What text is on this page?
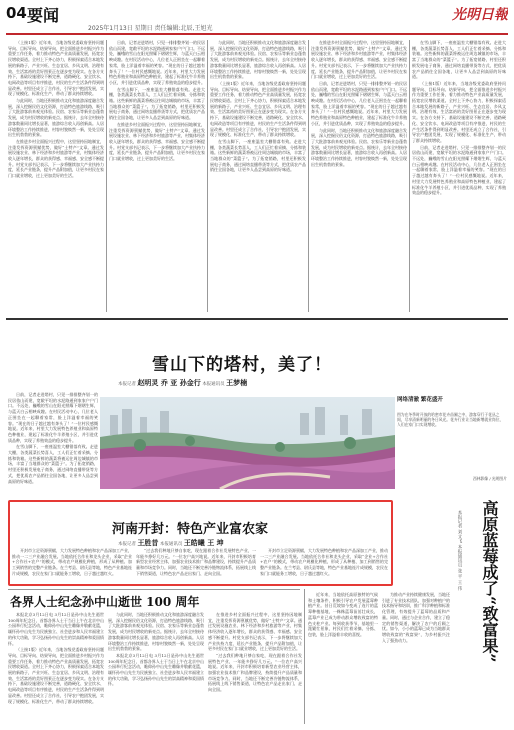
04 要闻
2025年1月13日 星期日 责任编辑:北辰,王旭光
光明日報

（上接1版）近年来，当地各级党委政府坚持问题导向、目标导向、结果导向，把全面推进乡村振兴作为重要工作任务，着力推动特色产业高质量发展，拓宽农民增收渠道。全村上下齐心协力，积极探索适合本地发展的新路子，产业兴旺、生态宜居、乡风文明、治理有效、生活富裕的美好图景正在逐步变为现实。在各方支持下，基础设施建设不断完善，道路硬化、安全饮水、电网改造等项目有序推进，村民的生产生活条件得到明显改善。村里还成立了合作社，引导农户抱团发展，实现了规模化、标准化生产，带动了群众持续增收。

与此同时，当地还积极推动文化和旅游深度融合发展，深入挖掘民俗文化资源，打造特色旅游线路，吸引了大批游客前来观光体验。民宿、农家乐等新业态蓬勃发展，成为村民增收的新亮点。据统计，去年全村接待游客数量同比增长显著，旅游综合收入再创新高。人居环境整治工作持续推进，村容村貌焕然一新，处处呈现出生机勃勃的景象。

在推进乡村全面振兴过程中，这里坚持因地制宜，注重发挥资源禀赋优势，做好“土特产”文章。通过发展设施农业、林下经济和乡村旅游等产业，村集体经济收入逐年增长，群众的获得感、幸福感、安全感不断提升。村党支部书记表示，下一步将继续加大产业扶持力度，延长产业链条，提升产品附加值，让更多村民在家门口就业增收，过上更加美好的生活。

日前，记者走进塔村，只见一排排整齐划一的民居依山而建，宽敞平坦的水泥路通到家家户户门口。不远处，巍峨的雪山在阳光照耀下熠熠生辉，与蓝天白云相映成趣。在村民活动中心，几位老人正围坐在一起聊着家常，脸上洋溢着幸福的笑容。“现在的日子越过越有奔头了！”一位村民感慨地说。近年来，村里大力发展特色养殖业和高原特色种植业，建起了标准化牛羊养殖小区，并引进优质品种，实现了养殖效益的稳步提升。

在雪山脚下，一座座温室大棚错落有致。走进大棚，各类蔬菜长势喜人，工人们正忙着采摘、分拣和装箱。这些新鲜的蔬菜将被运往周边城镇的市场，丰富了当地群众的“菜篮子”。为了拓宽销路，村里还积极发展电子商务，通过网络直播带货等方式，把优质农产品销往全国各地，让更多人品尝到高原的好味道。

在推进乡村全面振兴过程中，这里坚持因地制宜，注重发挥资源禀赋优势，做好“土特产”文章。通过发展设施农业、林下经济和乡村旅游等产业，村集体经济收入逐年增长，群众的获得感、幸福感、安全感不断提升。村党支部书记表示，下一步将继续加大产业扶持力度，延长产业链条，提升产品附加值，让更多村民在家门口就业增收，过上更加美好的生活。

与此同时，当地还积极推动文化和旅游深度融合发展，深入挖掘民俗文化资源，打造特色旅游线路，吸引了大批游客前来观光体验。民宿、农家乐等新业态蓬勃发展，成为村民增收的新亮点。据统计，去年全村接待游客数量同比增长显著，旅游综合收入再创新高。人居环境整治工作持续推进，村容村貌焕然一新，处处呈现出生机勃勃的景象。

（上接1版）近年来，当地各级党委政府坚持问题导向、目标导向、结果导向，把全面推进乡村振兴作为重要工作任务，着力推动特色产业高质量发展，拓宽农民增收渠道。全村上下齐心协力，积极探索适合本地发展的新路子，产业兴旺、生态宜居、乡风文明、治理有效、生活富裕的美好图景正在逐步变为现实。在各方支持下，基础设施建设不断完善，道路硬化、安全饮水、电网改造等项目有序推进，村民的生产生活条件得到明显改善。村里还成立了合作社，引导农户抱团发展，实现了规模化、标准化生产，带动了群众持续增收。

在雪山脚下，一座座温室大棚错落有致。走进大棚，各类蔬菜长势喜人，工人们正忙着采摘、分拣和装箱。这些新鲜的蔬菜将被运往周边城镇的市场，丰富了当地群众的“菜篮子”。为了拓宽销路，村里还积极发展电子商务，通过网络直播带货等方式，把优质农产品销往全国各地，让更多人品尝到高原的好味道。

在推进乡村全面振兴过程中，这里坚持因地制宜，注重发挥资源禀赋优势，做好“土特产”文章。通过发展设施农业、林下经济和乡村旅游等产业，村集体经济收入逐年增长，群众的获得感、幸福感、安全感不断提升。村党支部书记表示，下一步将继续加大产业扶持力度，延长产业链条，提升产品附加值，让更多村民在家门口就业增收，过上更加美好的生活。

日前，记者走进塔村，只见一排排整齐划一的民居依山而建，宽敞平坦的水泥路通到家家户户门口。不远处，巍峨的雪山在阳光照耀下熠熠生辉，与蓝天白云相映成趣。在村民活动中心，几位老人正围坐在一起聊着家常，脸上洋溢着幸福的笑容。“现在的日子越过越有奔头了！”一位村民感慨地说。近年来，村里大力发展特色养殖业和高原特色种植业，建起了标准化牛羊养殖小区，并引进优质品种，实现了养殖效益的稳步提升。

与此同时，当地还积极推动文化和旅游深度融合发展，深入挖掘民俗文化资源，打造特色旅游线路，吸引了大批游客前来观光体验。民宿、农家乐等新业态蓬勃发展，成为村民增收的新亮点。据统计，去年全村接待游客数量同比增长显著，旅游综合收入再创新高。人居环境整治工作持续推进，村容村貌焕然一新，处处呈现出生机勃勃的景象。

在雪山脚下，一座座温室大棚错落有致。走进大棚，各类蔬菜长势喜人，工人们正忙着采摘、分拣和装箱。这些新鲜的蔬菜将被运往周边城镇的市场，丰富了当地群众的“菜篮子”。为了拓宽销路，村里还积极发展电子商务，通过网络直播带货等方式，把优质农产品销往全国各地，让更多人品尝到高原的好味道。

（上接1版）近年来，当地各级党委政府坚持问题导向、目标导向、结果导向，把全面推进乡村振兴作为重要工作任务，着力推动特色产业高质量发展，拓宽农民增收渠道。全村上下齐心协力，积极探索适合本地发展的新路子，产业兴旺、生态宜居、乡风文明、治理有效、生活富裕的美好图景正在逐步变为现实。在各方支持下，基础设施建设不断完善，道路硬化、安全饮水、电网改造等项目有序推进，村民的生产生活条件得到明显改善。村里还成立了合作社，引导农户抱团发展，实现了规模化、标准化生产，带动了群众持续增收。

日前，记者走进塔村，只见一排排整齐划一的民居依山而建，宽敞平坦的水泥路通到家家户户门口。不远处，巍峨的雪山在阳光照耀下熠熠生辉，与蓝天白云相映成趣。在村民活动中心，几位老人正围坐在一起聊着家常，脸上洋溢着幸福的笑容。“现在的日子越过越有奔头了！”一位村民感慨地说。近年来，村里大力发展特色养殖业和高原特色种植业，建起了标准化牛羊养殖小区，并引进优质品种，实现了养殖效益的稳步提升。

雪山下的塔村，美了！
本报记者 赵明灵 乔 亚 孙金行 本报通讯员 王梦楠

日前，记者走进塔村，只见一排排整齐划一的民居依山而建，宽敞平坦的水泥路通到家家户户门口。不远处，巍峨的雪山在阳光照耀下熠熠生辉，与蓝天白云相映成趣。在村民活动中心，几位老人正围坐在一起聊着家常，脸上洋溢着幸福的笑容。“现在的日子越过越有奔头了！”一位村民感慨地说。近年来，村里大力发展特色养殖业和高原特色种植业，建起了标准化牛羊养殖小区，并引进优质品种，实现了养殖效益的稳步提升。

在雪山脚下，一座座温室大棚错落有致。走进大棚，各类蔬菜长势喜人，工人们正忙着采摘、分拣和装箱。这些新鲜的蔬菜将被运往周边城镇的市场，丰富了当地群众的“菜篮子”。为了拓宽销路，村里还积极发展电子商务，通过网络直播带货等方式，把优质农产品销往全国各地，让更多人品尝到高原的好味道。

网络清澈 繁花盛开
图为在冬季时开放的哈密市花卉苗圃之中，游客穿行于花丛之间，尽享清新明丽的冬日风光。花卉行业让当地新增就业岗位，人们在家门口实现增收。
西林影像 / 光明图片
河南开封：特色产业富农家
本报记者 王胜昔 本报通讯员 王皓曦 王 坤

开封市立足资源禀赋，大力发展特色种植和农产品深加工产业，推动一二三产业融合发展。当地依托合作社和龙头企业，采取“企业+合作社+农户”的模式，带动农户规模化种植，形成了从种植、加工到销售的完整产业链条。在兰考县、尉氏县等地，特色产业基地连片成规模，农民在家门口就能务工增收，日子越过越红火。

“过去我们种地只够自家吃，现在跟着合作社发展特色产业，一年能多挣好几万元。”一位农户高兴地说。近年来，开封市积极培育新型农业经营主体，加强农业技术推广和品牌建设，持续提升产品质量和市场竞争力。同时，当地还不断完善冷链物流体系，拓展线上线下销售渠道，让特色农产品走出家门、走向全国。

开封市立足资源禀赋，大力发展特色种植和农产品深加工产业，推动一二三产业融合发展。当地依托合作社和龙头企业，采取“企业+合作社+农户”的模式，带动农户规模化种植，形成了从种植、加工到销售的完整产业链条。在兰考县、尉氏县等地，特色产业基地连片成规模，农民在家门口就能务工增收，日子越过越红火。

各界人士纪念孙中山逝世 100 周年

本报北京3月12日电 3月12日是孙中山先生逝世100周年纪念日，首都各界人士于当日上午在北京中山公园举行纪念活动，瞻仰孙中山先生雕像并敬献花篮，缅怀孙中山先生为民族独立、社会进步和人民幸福建立的伟大功勋，学习弘扬孙中山先生的崇高精神和爱国情怀。

（上接1版）近年来，当地各级党委政府坚持问题导向、目标导向、结果导向，把全面推进乡村振兴作为重要工作任务，着力推动特色产业高质量发展，拓宽农民增收渠道。全村上下齐心协力，积极探索适合本地发展的新路子，产业兴旺、生态宜居、乡风文明、治理有效、生活富裕的美好图景正在逐步变为现实。在各方支持下，基础设施建设不断完善，道路硬化、安全饮水、电网改造等项目有序推进，村民的生产生活条件得到明显改善。村里还成立了合作社，引导农户抱团发展，实现了规模化、标准化生产，带动了群众持续增收。

与此同时，当地还积极推动文化和旅游深度融合发展，深入挖掘民俗文化资源，打造特色旅游线路，吸引了大批游客前来观光体验。民宿、农家乐等新业态蓬勃发展，成为村民增收的新亮点。据统计，去年全村接待游客数量同比增长显著，旅游综合收入再创新高。人居环境整治工作持续推进，村容村貌焕然一新，处处呈现出生机勃勃的景象。

本报北京3月12日电 3月12日是孙中山先生逝世100周年纪念日，首都各界人士于当日上午在北京中山公园举行纪念活动，瞻仰孙中山先生雕像并敬献花篮，缅怀孙中山先生为民族独立、社会进步和人民幸福建立的伟大功勋，学习弘扬孙中山先生的崇高精神和爱国情怀。

在推进乡村全面振兴过程中，这里坚持因地制宜，注重发挥资源禀赋优势，做好“土特产”文章。通过发展设施农业、林下经济和乡村旅游等产业，村集体经济收入逐年增长，群众的获得感、幸福感、安全感不断提升。村党支部书记表示，下一步将继续加大产业扶持力度，延长产业链条，提升产品附加值，让更多村民在家门口就业增收，过上更加美好的生活。

“过去我们种地只够自家吃，现在跟着合作社发展特色产业，一年能多挣好几万元。”一位农户高兴地说。近年来，开封市积极培育新型农业经营主体，加强农业技术推广和品牌建设，持续提升产品质量和市场竞争力。同时，当地还不断完善冷链物流体系，拓展线上线下销售渠道，让特色农产品走出家门、走向全国。

近年来，当地依托高原独特的气候和土壤条件，积极引导农户发展蓝莓种植产业。昔日荒坡如今变成了连片的蓝莓种植基地，一株株蓝莓苗茁壮成长，蓝莓产业已成为带动群众增收致富的特色支柱产业。每到收获季节，基地里一派繁忙景象，村民们忙着采摘、分拣、包装，脸上洋溢着丰收的喜悦。

为推动产业持续健康发展，当地还引进了专业技术团队，加强对种植户的技术指导和培训，推广科学种植和标准化管理，有效提升了蓝莓的品质和产量。同时，通过与企业合作，建立了稳定的销售渠道，解决了农户的后顾之忧。如今，小小的蓝莓已成为当地群众增收致富的“致富果”，为乡村振兴注入了强劲动力。

本报记者 刘文飞 本报通讯员 张 平 王 伟 高原蓝莓成了“致富果”
